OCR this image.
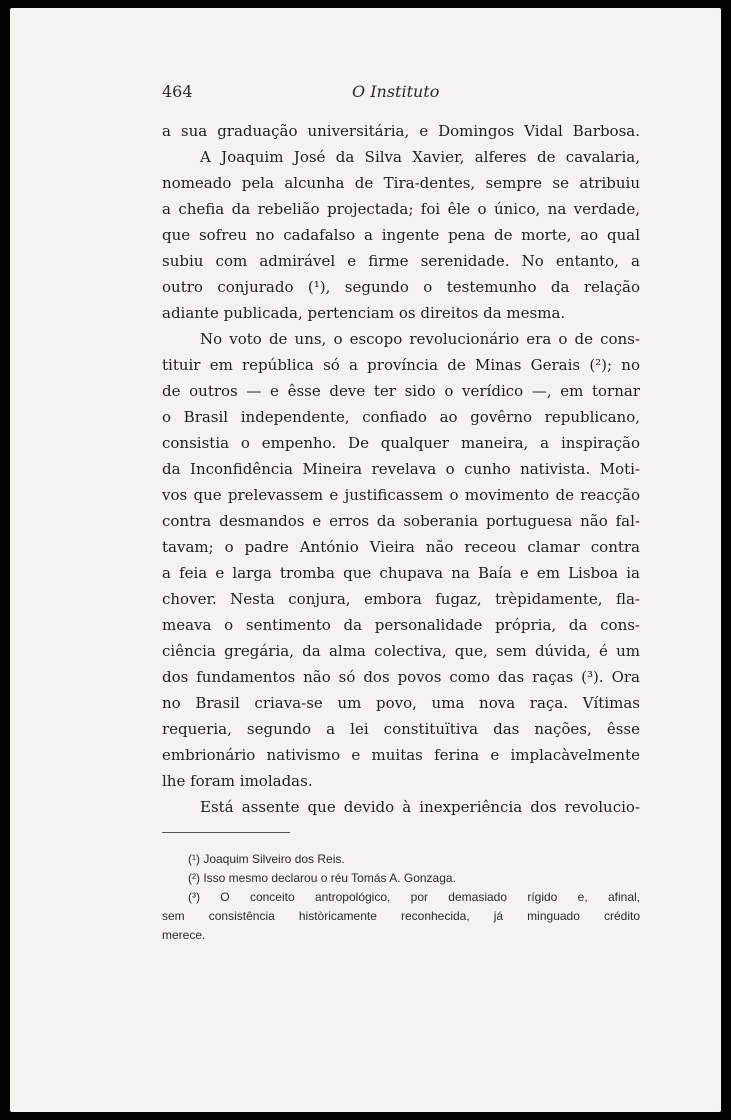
464	O Instituto
a sua graduação universitária, e Domingos Vidal Barbosa.
A Joaquim José da Silva Xavier, alferes de cavalaria,
nomeado pela alcunha de Tira-dentes, sempre se atribuiu
a chefia da rebelião projectada; foi êle o único, na verdade,
que sofreu no cadafalso a ingente pena de morte, ao qual
subiu com admirável e firme serenidade. No entanto, a
outro conjurado (¹), segundo o testemunho da relação
adiante publicada, pertenciam os direitos da mesma.
No voto de uns, o escopo revolucionário era o de cons-
tituir em república só a província de Minas Gerais (²); no
de outros — e êsse deve ter sido o verídico —, em tornar
o Brasil independente, confiado ao govêrno republicano,
consistia o empenho. De qualquer maneira, a inspiração
da Inconfidência Mineira revelava o cunho nativista. Moti-
vos que prelevassem e justificassem o movimento de reacção
contra desmandos e erros da soberania portuguesa não fal-
tavam; o padre António Vieira não receou clamar contra
a feia e larga tromba que chupava na Baía e em Lisboa ia
chover. Nesta conjura, embora fugaz, trèpidamente, fla-
meava o sentimento da personalidade própria, da cons-
ciência gregária, da alma colectiva, que, sem dúvida, é um
dos fundamentos não só dos povos como das raças (³). Ora
no Brasil criava-se um povo, uma nova raça. Vítimas
requeria, segundo a lei constituïtiva das nações, êsse
embrionário nativismo e muitas ferina e implacàvelmente
lhe foram imoladas.
Está assente que devido à inexperiência dos revolucio-
(¹) Joaquim Silveiro dos Reis.
(²) Isso mesmo declarou o réu Tomás A. Gonzaga.
(³) O conceito antropológico, por demasiado rígido e, afinal,
sem consistência històricamente reconhecida, já minguado crédito
merece.
